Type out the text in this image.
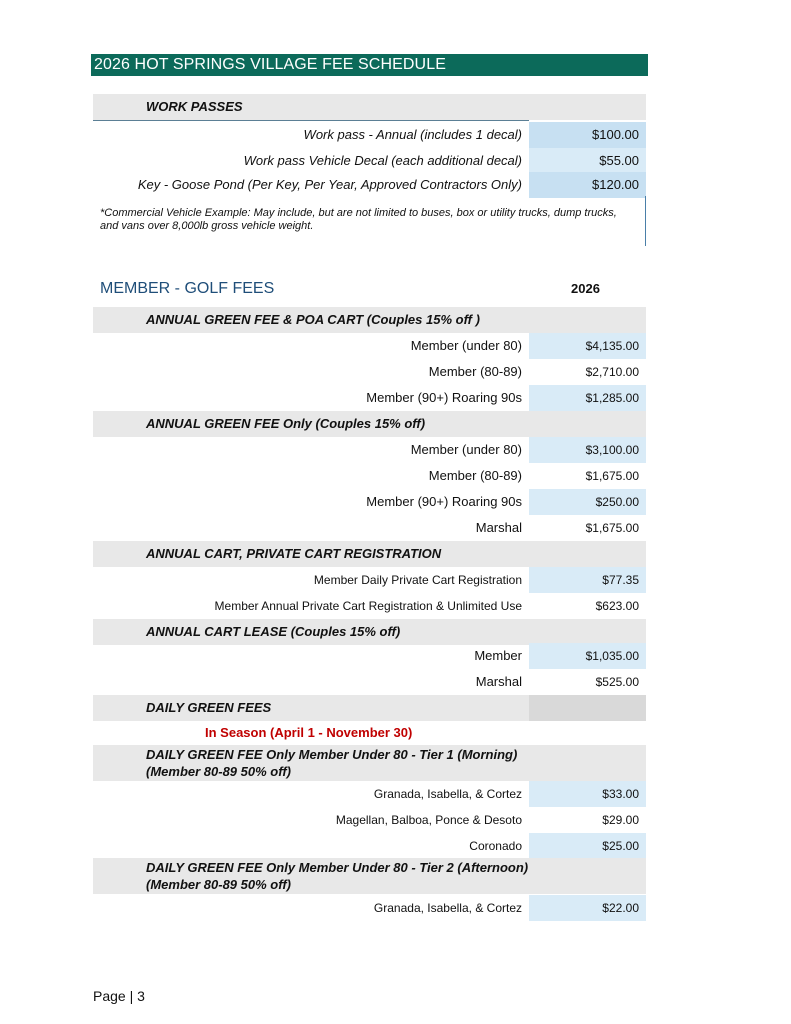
2026 HOT SPRINGS VILLAGE FEE SCHEDULE
WORK PASSES
Work pass - Annual (includes 1 decal)	$100.00
Work pass Vehicle Decal (each additional decal)	$55.00
Key - Goose Pond (Per Key, Per Year, Approved Contractors Only)	$120.00
*Commercial Vehicle Example: May include, but are not limited to buses, box or utility trucks, dump trucks, and vans over 8,000lb gross vehicle weight.
MEMBER - GOLF FEES	2026
ANNUAL GREEN FEE & POA CART (Couples 15% off )
Member (under 80)	$4,135.00
Member (80-89)	$2,710.00
Member (90+) Roaring 90s	$1,285.00
ANNUAL GREEN FEE Only (Couples 15% off)
Member (under 80)	$3,100.00
Member (80-89)	$1,675.00
Member (90+) Roaring 90s	$250.00
Marshal	$1,675.00
ANNUAL CART, PRIVATE CART REGISTRATION
Member Daily Private Cart Registration	$77.35
Member Annual Private Cart Registration & Unlimited Use	$623.00
ANNUAL CART LEASE (Couples 15% off)
Member	$1,035.00
Marshal	$525.00
DAILY GREEN FEES
In Season (April 1 - November 30)
DAILY GREEN FEE Only Member Under 80 - Tier 1 (Morning)
(Member 80-89 50% off)
Granada, Isabella, & Cortez	$33.00
Magellan, Balboa, Ponce & Desoto	$29.00
Coronado	$25.00
DAILY GREEN FEE Only Member Under 80 - Tier 2 (Afternoon)
(Member 80-89 50% off)
Granada, Isabella, & Cortez	$22.00
Page | 3
